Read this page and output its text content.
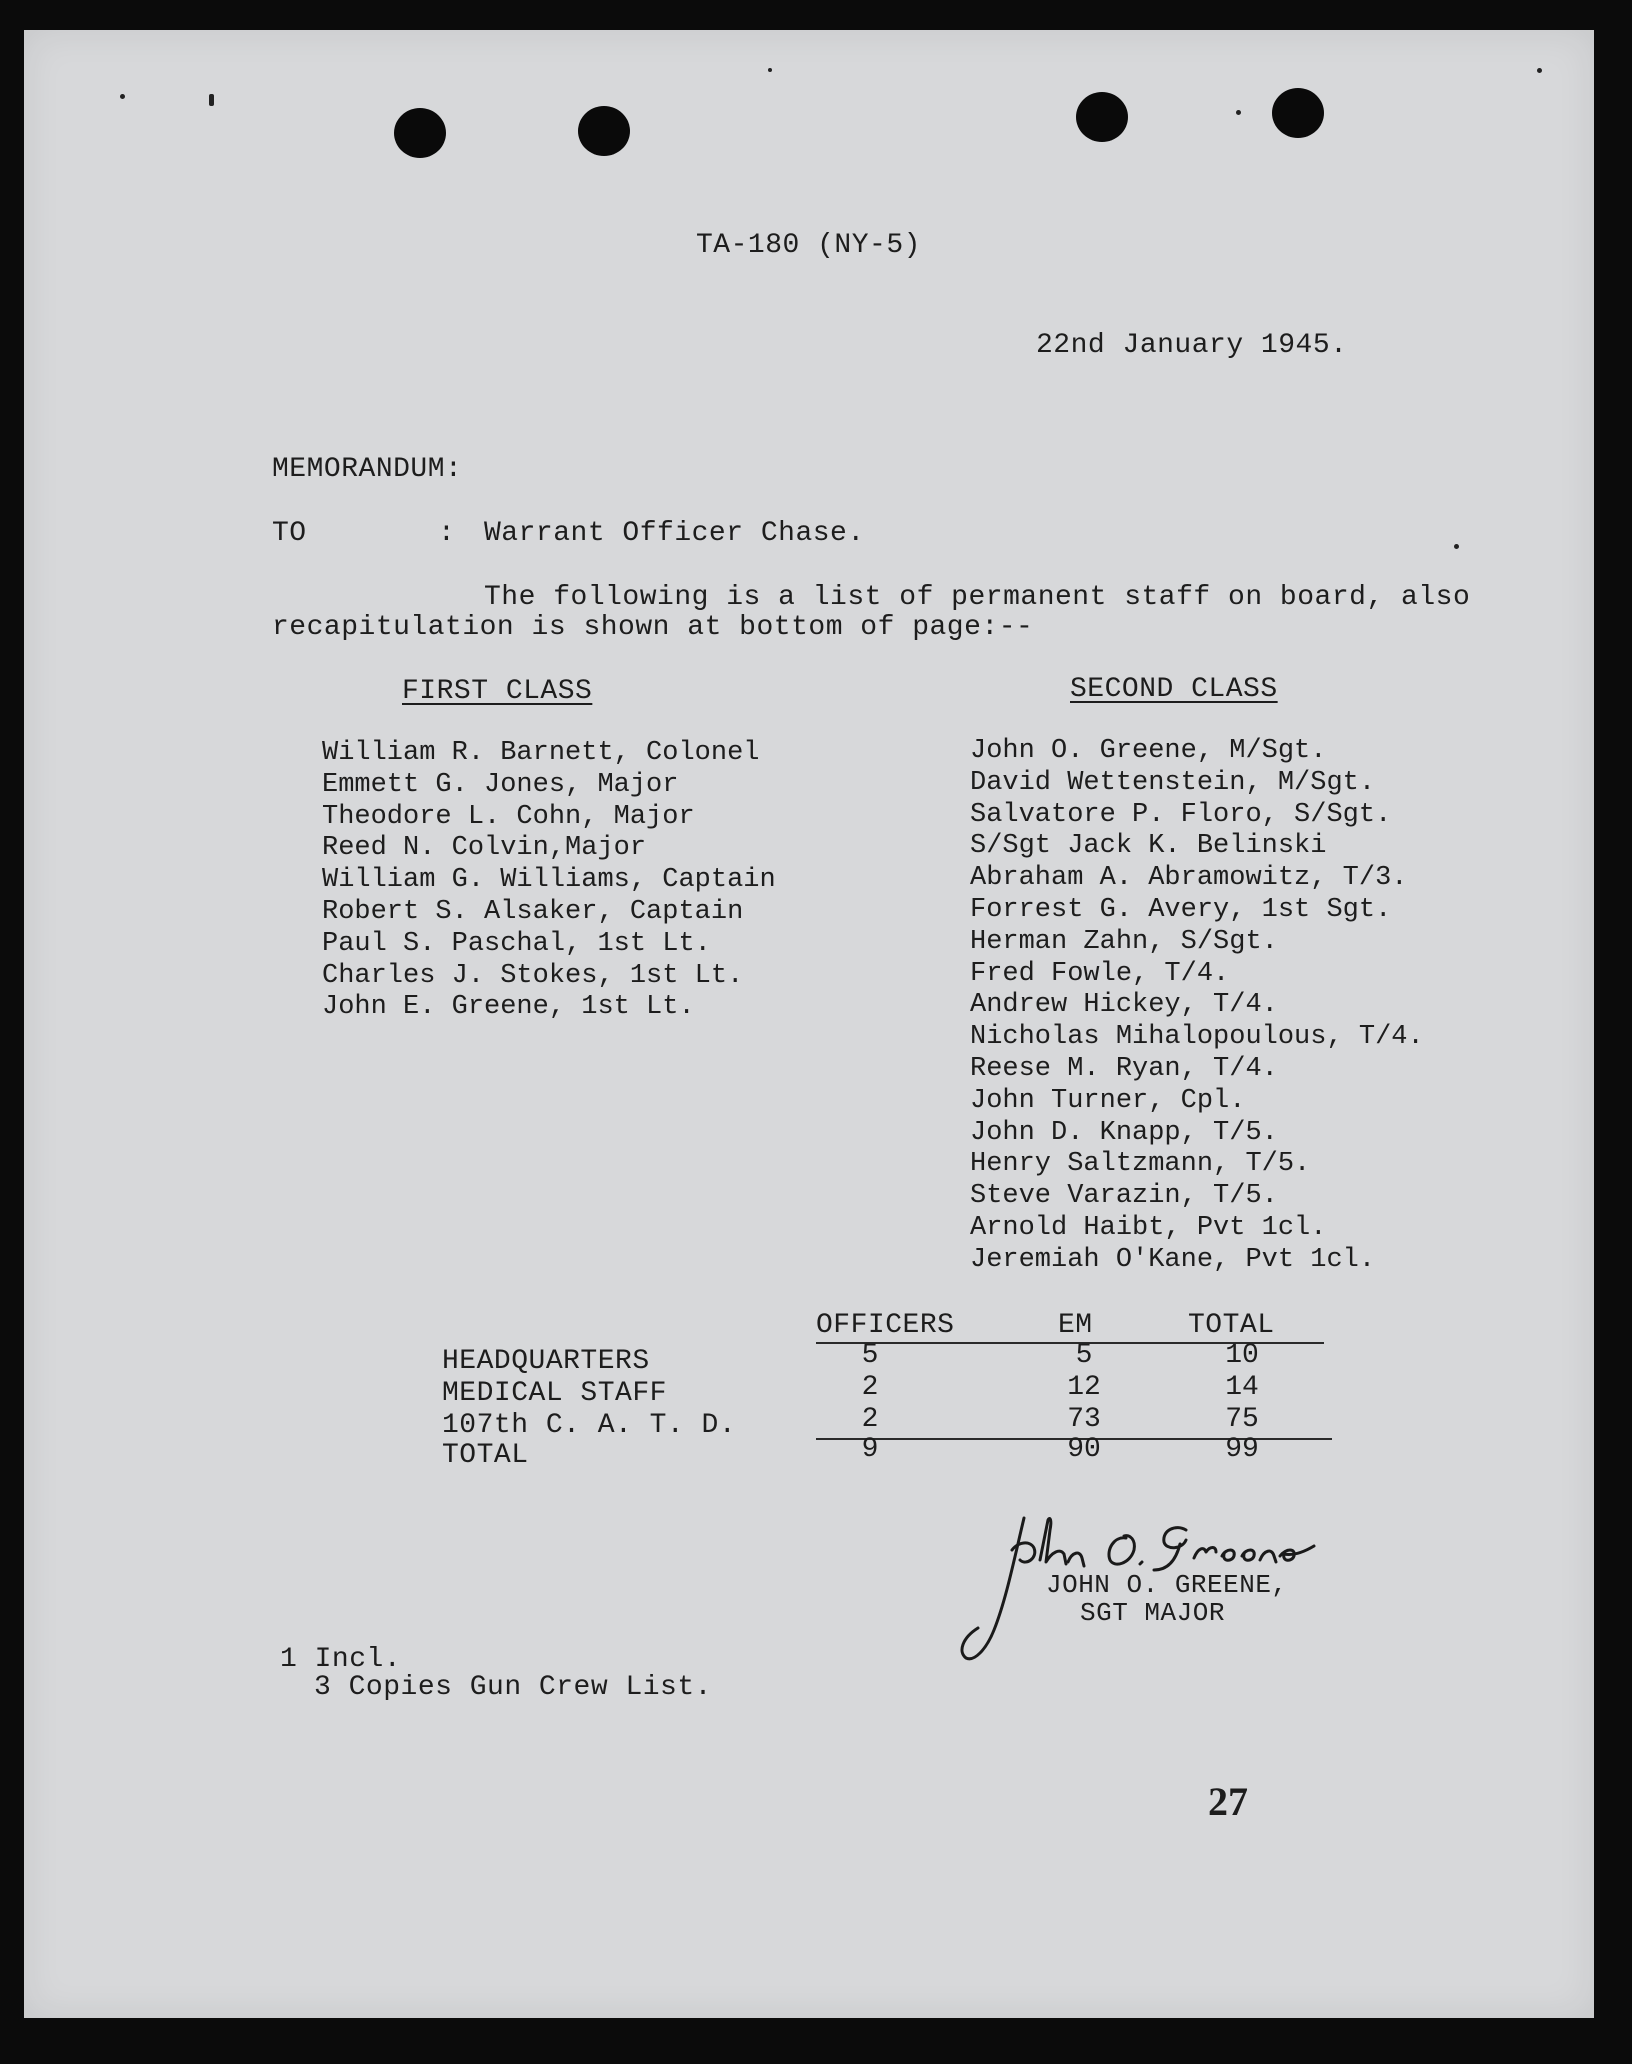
TA-180 (NY-5)
22nd January 1945.
MEMORANDUM:
TO	: Warrant Officer Chase.
The following is a list of permanent staff on board, also
recapitulation is shown at bottom of page:--
FIRST CLASS	SECOND CLASS
William R. Barnett, Colonel
Emmett G. Jones, Major
Theodore L. Cohn, Major
Reed N. Colvin,Major
William G. Williams, Captain
Robert S. Alsaker, Captain
Paul S. Paschal, 1st Lt.
Charles J. Stokes, 1st Lt.
John E. Greene, 1st Lt.
John O. Greene, M/Sgt.
David Wettenstein, M/Sgt.
Salvatore P. Floro, S/Sgt.
S/Sgt Jack K. Belinski
Abraham A. Abramowitz, T/3.
Forrest G. Avery, 1st Sgt.
Herman Zahn, S/Sgt.
Fred Fowle, T/4.
Andrew Hickey, T/4.
Nicholas Mihalopoulous, T/4.
Reese M. Ryan, T/4.
John Turner, Cpl.
John D. Knapp, T/5.
Henry Saltzmann, T/5.
Steve Varazin, T/5.
Arnold Haibt, Pvt 1cl.
Jeremiah O'Kane, Pvt 1cl.
OFFICERS	EM	TOTAL
HEADQUARTERS	5	5	10
MEDICAL STAFF	2	12	14
107th C. A. T. D.	2	73	75
TOTAL	9	90	99
JOHN O. GREENE,
SGT MAJOR
1 Incl.
3 Copies Gun Crew List.
27
